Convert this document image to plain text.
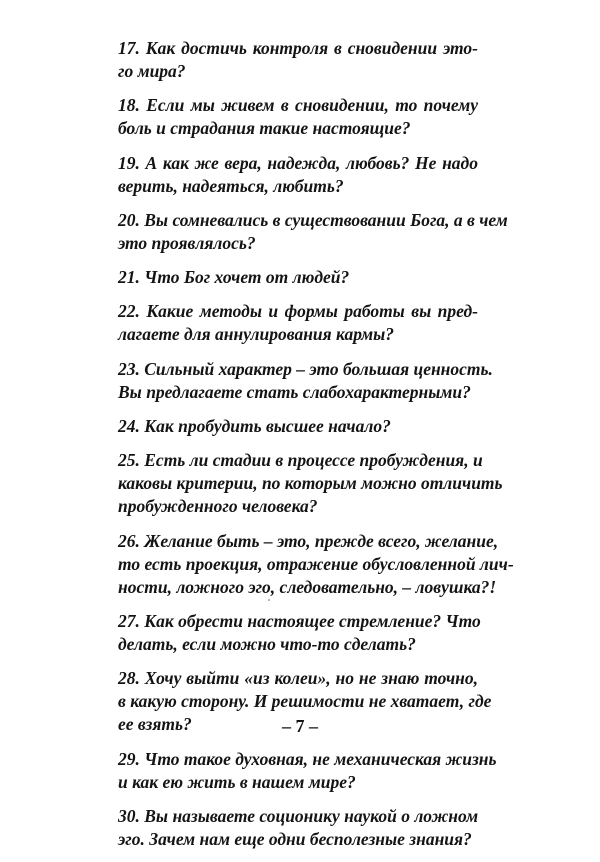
17. Как достичь контроля в сновидении это-
го мира?

18. Если мы живем в сновидении, то почему
боль и страдания такие настоящие?

19. А как же вера, надежда, любовь? Не надо
верить, надеяться, любить?

20. Вы сомневались в существовании Бога, а в чем
это проявлялось?

21. Что Бог хочет от людей?

22. Какие методы и формы работы вы пред-
лагаете для аннулирования кармы?

23. Сильный характер – это большая ценность.
Вы предлагаете стать слабохарактерными?

24. Как пробудить высшее начало?

25. Есть ли стадии в процессе пробуждения, и
каковы критерии, по которым можно отличить
пробужденного человека?

26. Желание быть – это, прежде всего, желание,
то есть проекция, отражение обусловленной лич-
ности, ложного эго, следовательно, – ловушка?!

27. Как обрести настоящее стремление? Что
делать, если можно что-то сделать?

28. Хочу выйти «из колеи», но не знаю точно,
в какую сторону. И решимости не хватает, где
ее взять?

29. Что такое духовная, не механическая жизнь
и как ею жить в нашем мире?

30. Вы называете соционику наукой о ложном
эго. Зачем нам еще одни бесполезные знания?

– 7 –
